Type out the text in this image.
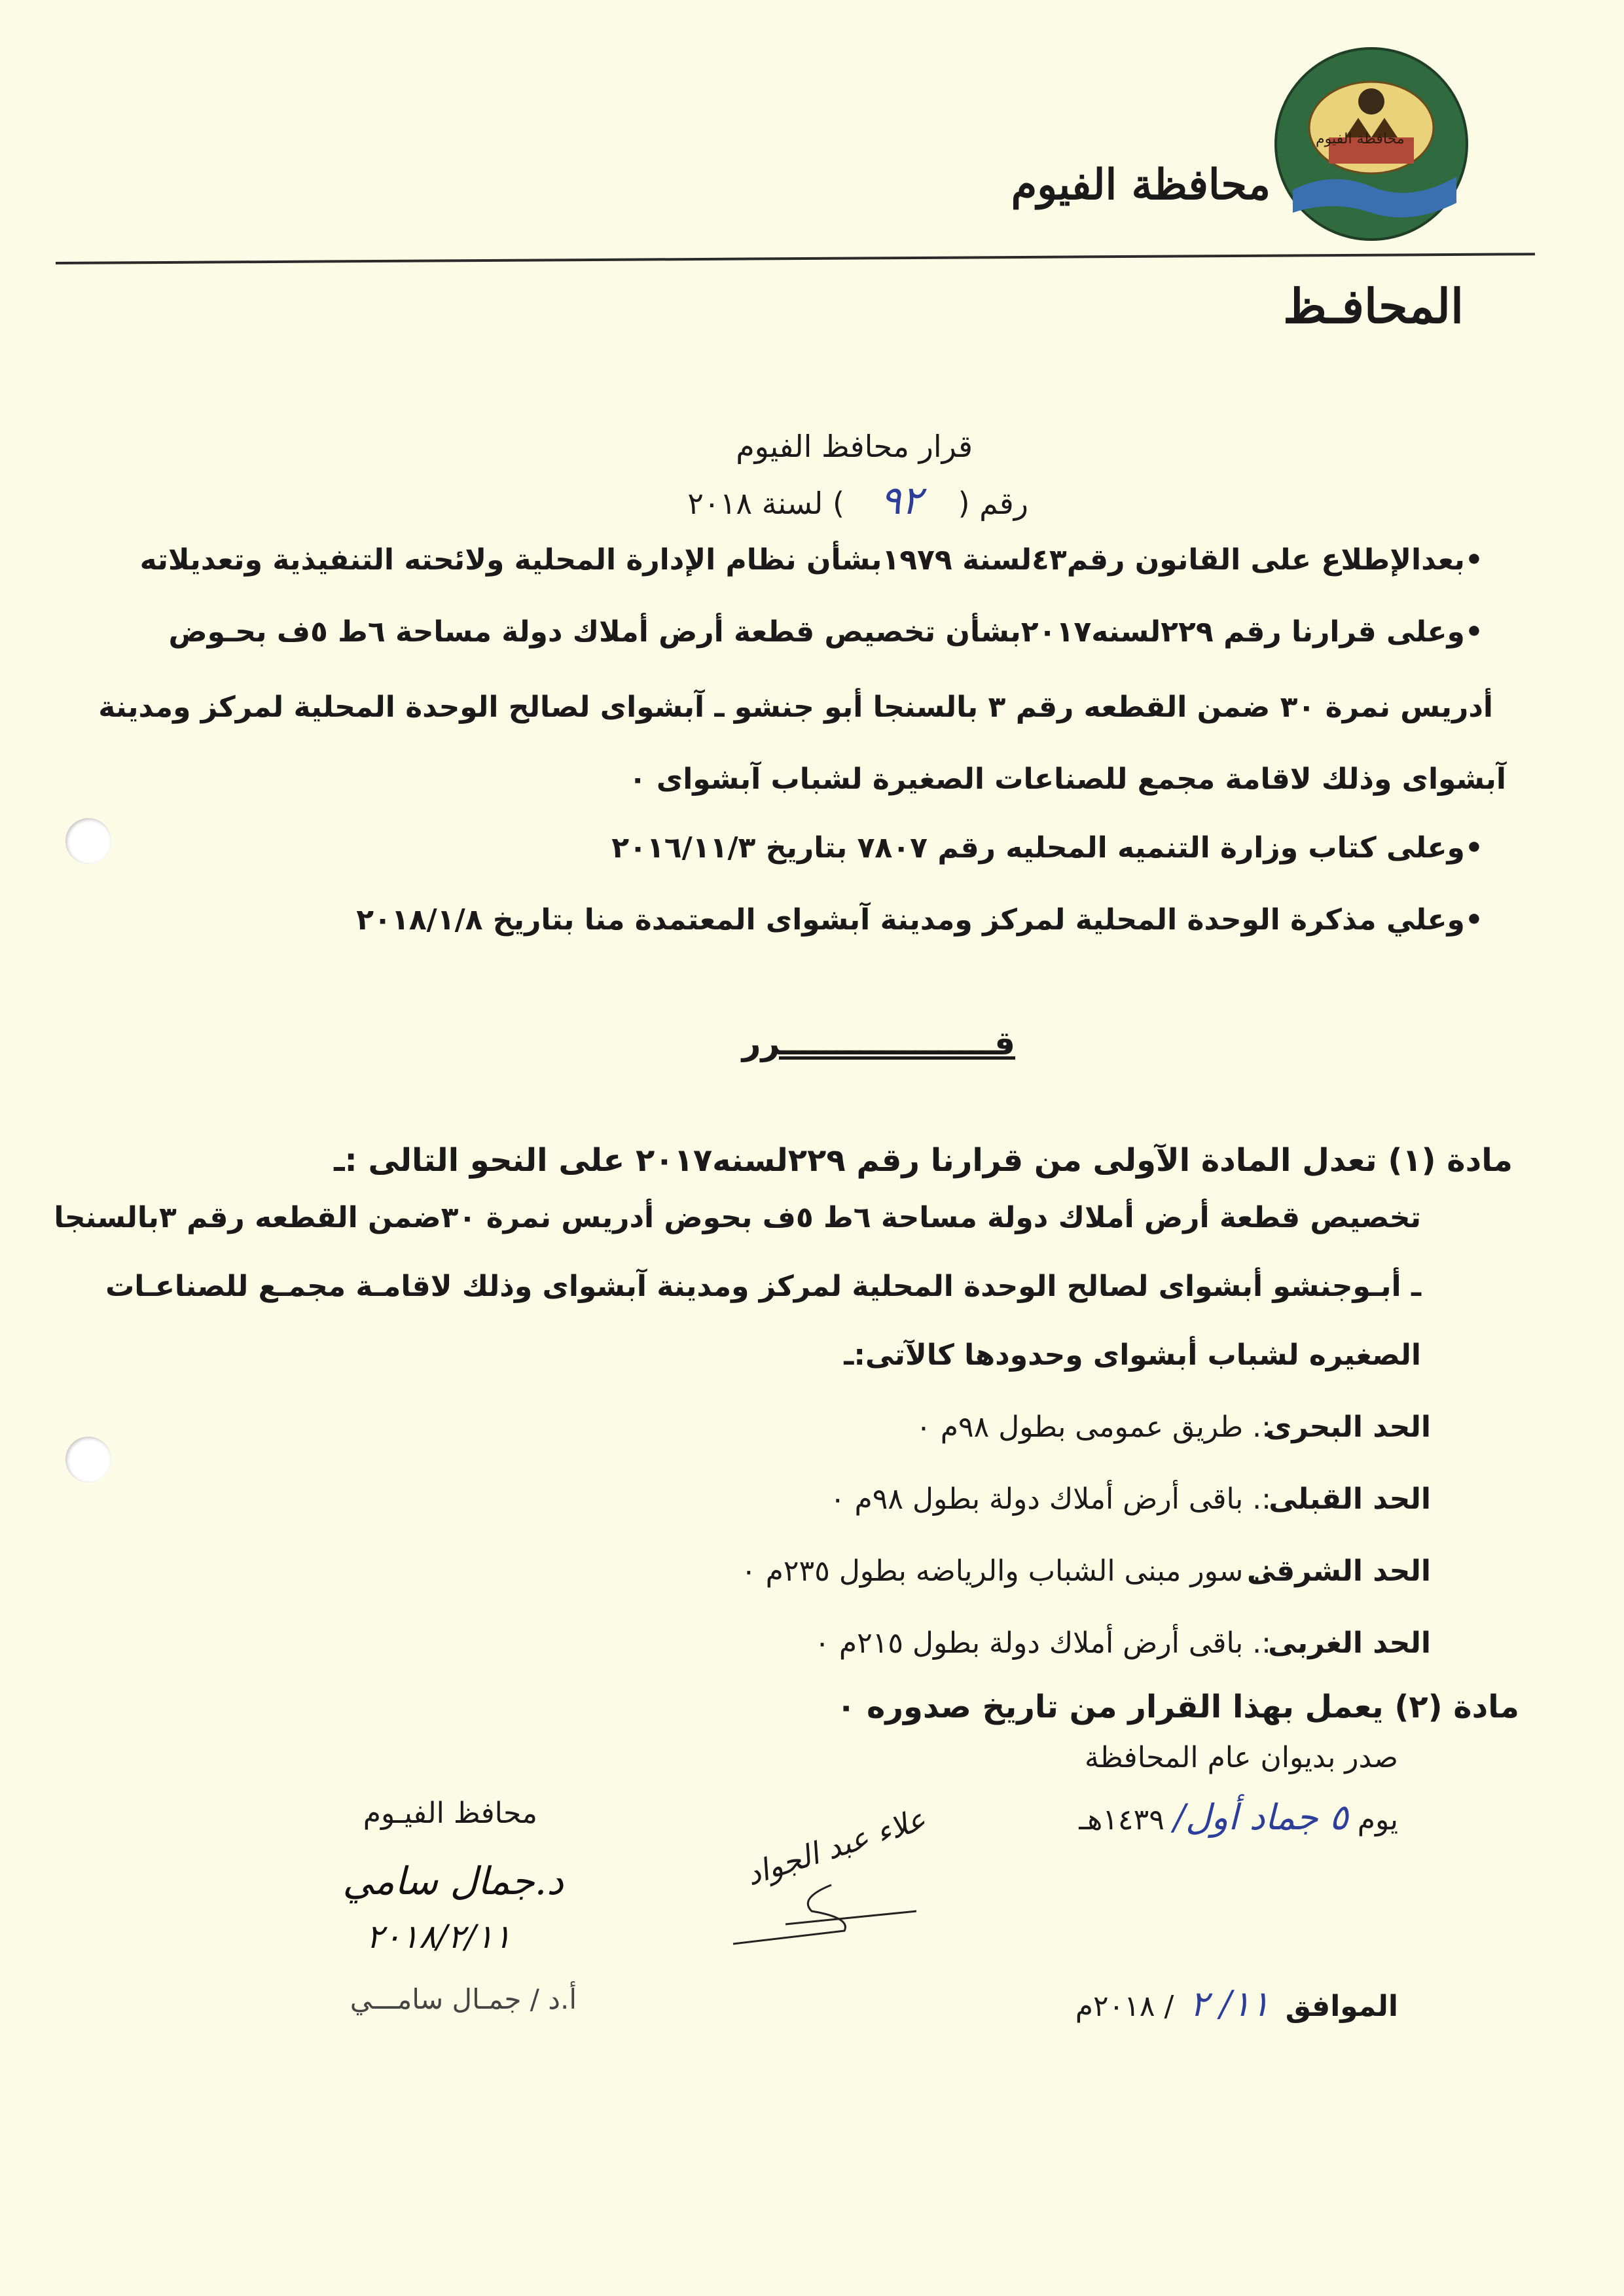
محافظة الفيوم
محافظة الفيوم
المحافـظ
قرار محافظ الفيوم
رقم ( ٩٢ ) لسنة ٢٠١٨
•بعدالإطلاع على القانون رقم٤٣لسنة ١٩٧٩بشأن نظام الإدارة المحلية ولائحته التنفيذية وتعديلاته
•وعلى قرارنا رقم ٢٢٩لسنه٢٠١٧بشأن تخصيص قطعة أرض أملاك دولة مساحة ٦ط ٥ف بحـوض
أدريس نمرة ٣٠ ضمن القطعه رقم ٣ بالسنجا أبو جنشو ـ آبشواى لصالح الوحدة المحلية لمركز ومدينة
آبشواى وذلك لاقامة مجمع للصناعات الصغيرة لشباب آبشواى ٠
•وعلى كتاب وزارة التنميه المحليه رقم ٧٨٠٧ بتاريخ ٢٠١٦/١١/٣
•وعلي مذكرة الوحدة المحلية لمركز ومدينة آبشواى المعتمدة منا بتاريخ ٢٠١٨/١/٨
قـــــــــــــــــــرر
مادة (١) تعدل المادة الآولى من قرارنا رقم ٢٢٩لسنه٢٠١٧ على النحو التالى :ـ
تخصيص قطعة أرض أملاك دولة مساحة ٦ط ٥ف بحوض أدريس نمرة ٣٠ضمن القطعه رقم ٣بالسنجا
ـ أبـوجنشو أبشواى لصالح الوحدة المحلية لمركز ومدينة آبشواى وذلك لاقامـة مجمـع للصناعـات
الصغيره لشباب أبشواى وحدودها كالآتى:ـ
الحد البحرى :. طريق عمومى بطول ٩٨م ٠
الحد القبلى :. باقى أرض أملاك دولة بطول ٩٨م ٠
الحد الشرقى :. سور مبنى الشباب والرياضه بطول ٢٣٥م ٠
الحد الغربى :. باقى أرض أملاك دولة بطول ٢١٥م ٠
مادة (٢) يعمل بهذا القرار من تاريخ صدوره ٠
صدر بديوان عام المحافظة
يوم ٥ جماد أول/ ١٤٣٩هـ
الموافق ١١/ ٢ / ٢٠١٨م
محافظ الفيـوم
د.جمال سامي
٢٠١٨/٢/١١
أ.د / جمـال سامـــي
علاء عبد الجواد
